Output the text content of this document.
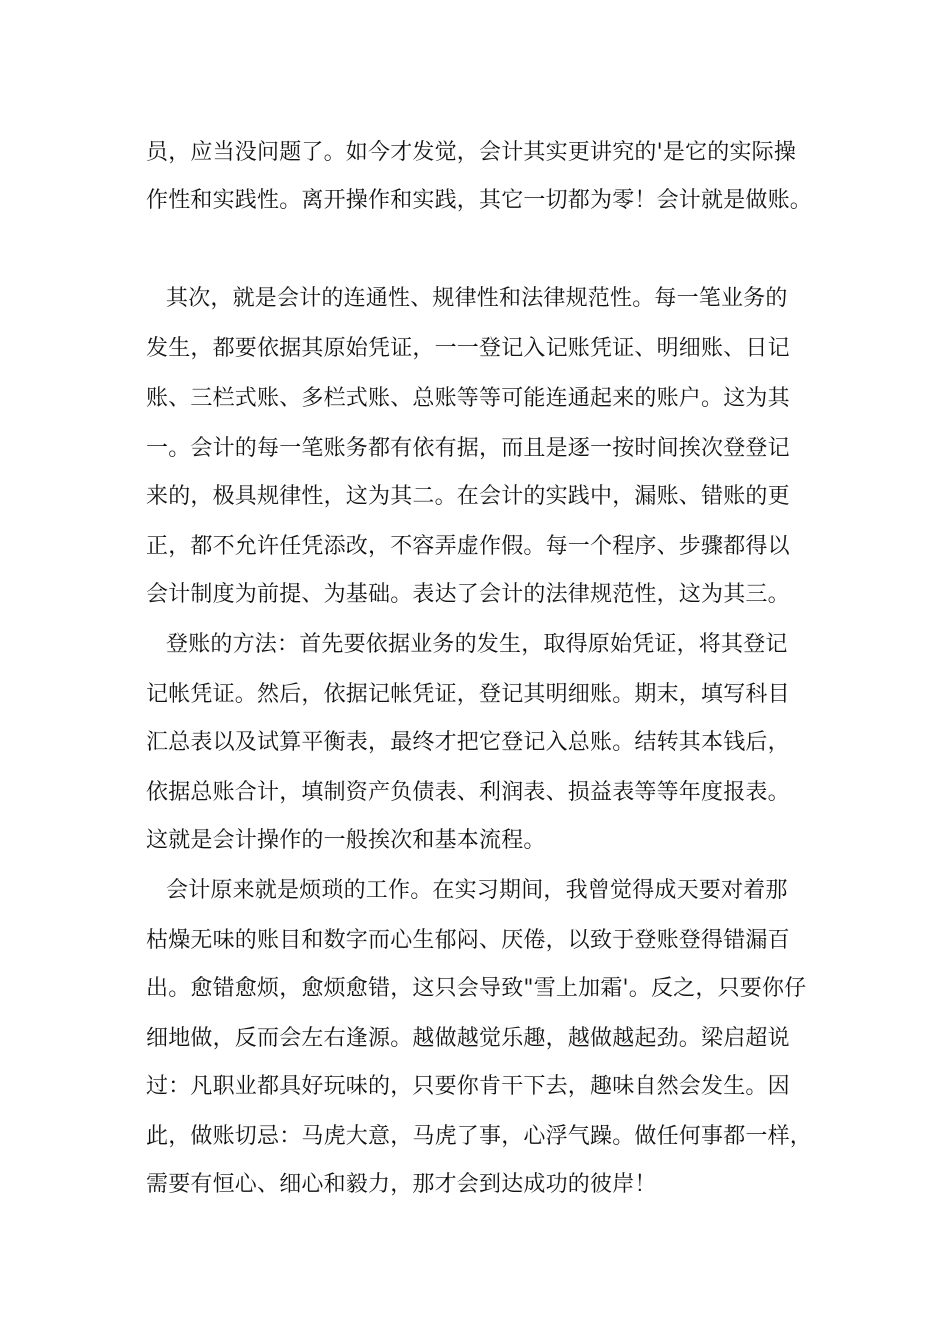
员，应当没问题了。如今才发觉，会计其实更讲究的'是它的实际操
作性和实践性。离开操作和实践，其它一切都为零！会计就是做账。
其次，就是会计的连通性、规律性和法律规范性。每一笔业务的
发生，都要依据其原始凭证，一一登记入记账凭证、明细账、日记
账、三栏式账、多栏式账、总账等等可能连通起来的账户。这为其
一。会计的每一笔账务都有依有据，而且是逐一按时间挨次登登记
来的，极具规律性，这为其二。在会计的实践中，漏账、错账的更
正，都不允许任凭添改，不容弄虚作假。每一个程序、步骤都得以
会计制度为前提、为基础。表达了会计的法律规范性，这为其三。
登账的方法：首先要依据业务的发生，取得原始凭证，将其登记
记帐凭证。然后，依据记帐凭证，登记其明细账。期末，填写科目
汇总表以及试算平衡表，最终才把它登记入总账。结转其本钱后，
依据总账合计，填制资产负债表、利润表、损益表等等年度报表。
这就是会计操作的一般挨次和基本流程。
会计原来就是烦琐的工作。在实习期间，我曾觉得成天要对着那
枯燥无味的账目和数字而心生郁闷、厌倦，以致于登账登得错漏百
出。愈错愈烦，愈烦愈错，这只会导致"雪上加霜'。反之，只要你仔
细地做，反而会左右逢源。越做越觉乐趣，越做越起劲。梁启超说
过：凡职业都具好玩味的，只要你肯干下去，趣味自然会发生。因
此，做账切忌：马虎大意，马虎了事，心浮气躁。做任何事都一样，
需要有恒心、细心和毅力，那才会到达成功的彼岸！
